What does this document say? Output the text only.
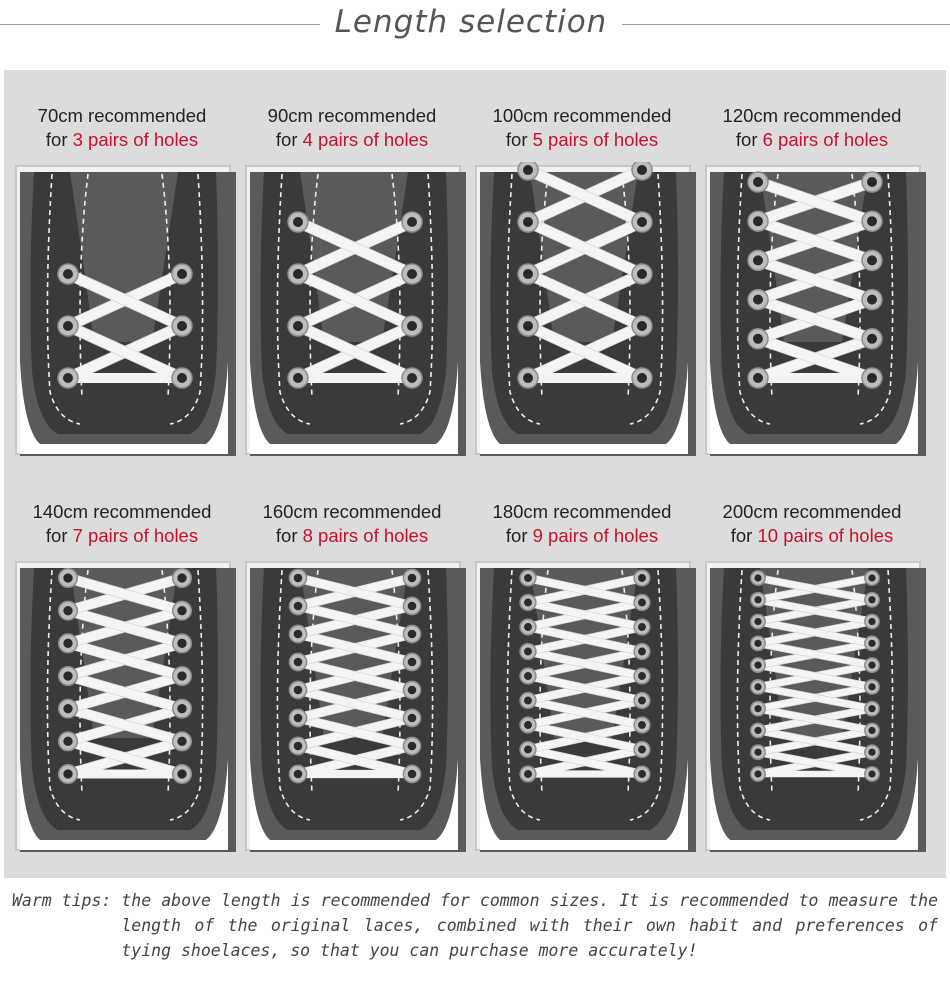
Length selection
70cm recommended
for 3 pairs of holes
90cm recommended
for 4 pairs of holes
100cm recommended
for 5 pairs of holes
120cm recommended
for 6 pairs of holes
140cm recommended
for 7 pairs of holes
160cm recommended
for 8 pairs of holes
180cm recommended
for 9 pairs of holes
200cm recommended
for 10 pairs of holes
Warm tips: the above length is recommended for common sizes. It is recommended to measure the length of the original laces, combined with their own habit and preferences of tying shoelaces, so that you can purchase more accurately!
